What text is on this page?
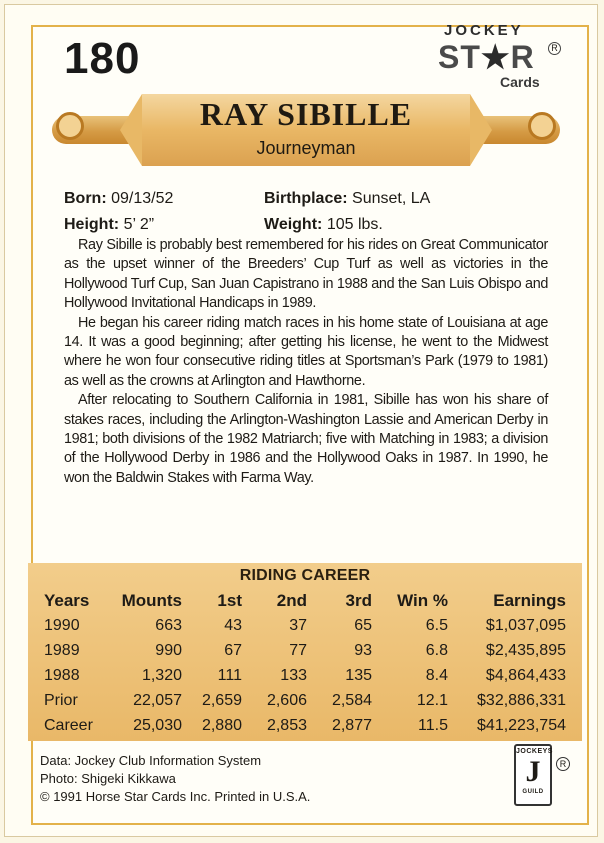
180
JOCKEY
ST★R	R
Cards
RAY SIBILLE
Journeyman
Born: 09/13/52	Birthplace: Sunset, LA
Height: 5’ 2”	Weight: 105 lbs.

Ray Sibille is probably best remembered for his rides on Great Communicator as the upset winner of the Breeders’ Cup Turf as well as victories in the Hollywood Turf Cup, San Juan Capistrano in 1988 and the San Luis Obispo and Hollywood Invitational Handicaps in 1989.

He began his career riding match races in his home state of Louisiana at age 14. It was a good beginning; after getting his license, he went to the Midwest where he won four consecutive riding titles at Sportsman’s Park (1979 to 1981) as well as the crowns at Arlington and Hawthorne.

After relocating to Southern California in 1981, Sibille has won his share of stakes races, including the Arlington-Washington Lassie and American Derby in 1981; both divisions of the 1982 Matriarch; five with Matching in 1983; a division of the Hollywood Derby in 1986 and the Hollywood Oaks in 1987. In 1990, he won the Baldwin Stakes with Farma Way.

RIDING CAREER
Years Mounts 1st 2nd 3rd Win %	Earnings
1990	663	43	37	65	6.5 $1,037,095
1989	990	67	77	93	6.8 $2,435,895
1988	1,320 111 133 135	8.4 $4,864,433
Prior	22,057 2,659 2,606 2,584	12.1 $32,886,331
Career	25,030 2,880 2,853 2,877	11.5 $41,223,754
Data: Jockey Club Information System
Photo: Shigeki Kikkawa
© 1991 Horse Star Cards Inc. Printed in U.S.A.
JOCKEYS
J
GUILD
R
